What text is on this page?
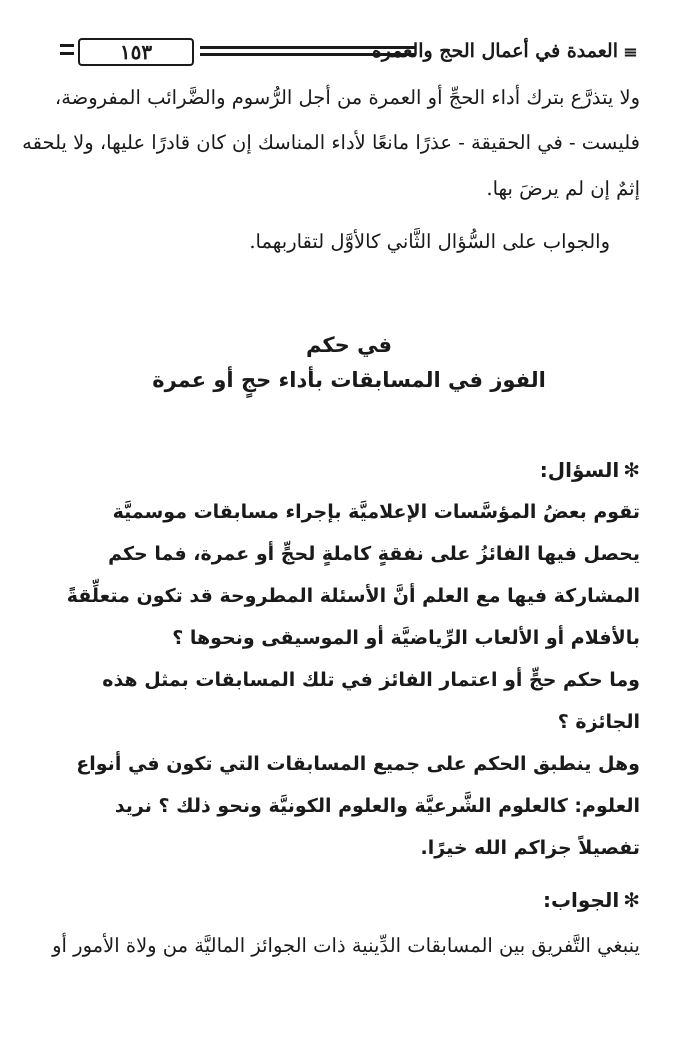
≡
العمدة في أعمال الحج والعمرة
١٥٣
ولا يتذرَّع بترك أداء الحجِّ أو العمرة من أجل الرُّسوم والضَّرائب المفروضة،
فليست - في الحقيقة - عذرًا مانعًا لأداء المناسك إن كان قادرًا عليها، ولا يلحقه
إثمٌ إن لم يرضَ بها.
والجواب على السُّؤال الثَّاني كالأوَّل لتقاربهما.
في حكم
الفوز في المسابقات بأداء حجٍ أو عمرة
✻السؤال:
تقوم بعضُ المؤسَّسات الإعلاميَّة بإجراء مسابقات موسميَّة
يحصل فيها الفائزُ على نفقةٍ كاملةٍ لحجٍّ أو عمرة، فما حكم
المشاركة فيها مع العلم أنَّ الأسئلة المطروحة قد تكون متعلِّقةً
بالأفلام أو الألعاب الرِّياضيَّة أو الموسيقى ونحوها ؟
وما حكم حجٍّ أو اعتمار الفائز في تلك المسابقات بمثل هذه
الجائزة ؟
وهل ينطبق الحكم على جميع المسابقات التي تكون في أنواع
العلوم: كالعلوم الشَّرعيَّة والعلوم الكونيَّة ونحو ذلك ؟ نريد
تفصيلاً جزاكم الله خيرًا.
✻الجواب:
ينبغي التَّفريق بين المسابقات الدِّينية ذات الجوائز الماليَّة من ولاة الأمور أو
